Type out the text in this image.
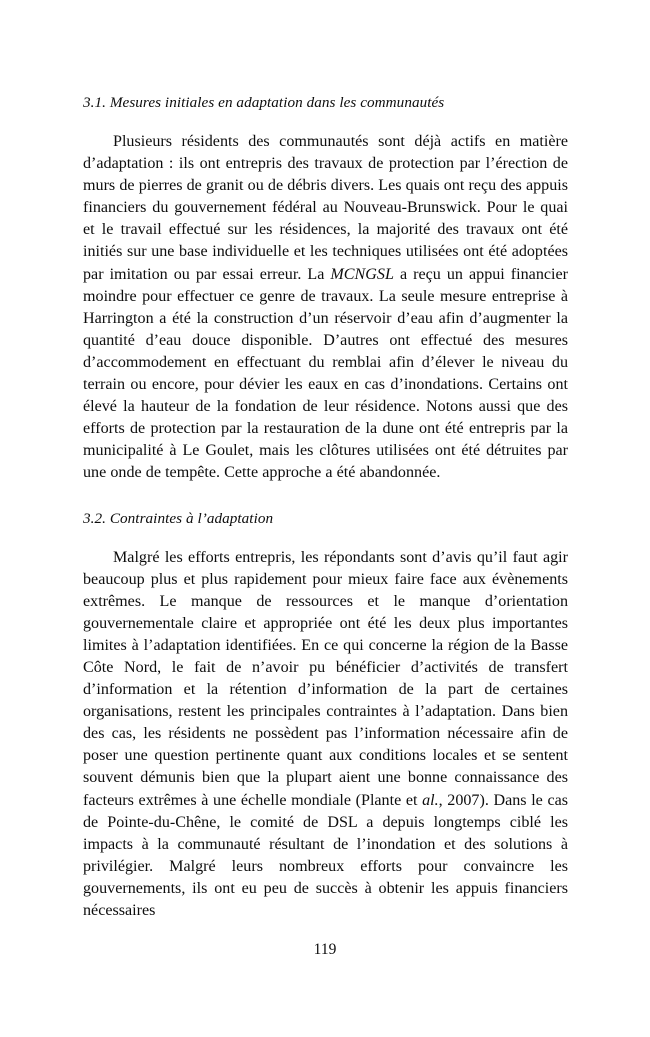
3.1. Mesures initiales en adaptation dans les communautés

Plusieurs résidents des communautés sont déjà actifs en matière d’adaptation : ils ont entrepris des travaux de protection par l’érection de murs de pierres de granit ou de débris divers. Les quais ont reçu des appuis financiers du gouvernement fédéral au Nouveau-Brunswick. Pour le quai et le travail effectué sur les résidences, la majorité des travaux ont été initiés sur une base individuelle et les techniques utilisées ont été adoptées par imitation ou par essai erreur. La MCNGSL a reçu un appui financier moindre pour effectuer ce genre de travaux. La seule mesure entreprise à Harrington a été la construction d’un réservoir d’eau afin d’augmenter la quantité d’eau douce disponible. D’autres ont effectué des mesures d’accommodement en effectuant du remblai afin d’élever le niveau du terrain ou encore, pour dévier les eaux en cas d’inondations. Certains ont élevé la hauteur de la fondation de leur résidence. Notons aussi que des efforts de protection par la restauration de la dune ont été entrepris par la municipalité à Le Goulet, mais les clôtures utilisées ont été détruites par une onde de tempête. Cette approche a été abandonnée.

3.2. Contraintes à l’adaptation

Malgré les efforts entrepris, les répondants sont d’avis qu’il faut agir beaucoup plus et plus rapidement pour mieux faire face aux évènements extrêmes. Le manque de ressources et le manque d’orientation gouvernementale claire et appropriée ont été les deux plus importantes limites à l’adaptation identifiées. En ce qui concerne la région de la Basse Côte Nord, le fait de n’avoir pu bénéficier d’activités de transfert d’information et la rétention d’information de la part de certaines organisations, restent les principales contraintes à l’adaptation. Dans bien des cas, les résidents ne possèdent pas l’information nécessaire afin de poser une question pertinente quant aux conditions locales et se sentent souvent démunis bien que la plupart aient une bonne connaissance des facteurs extrêmes à une échelle mondiale (Plante et al., 2007). Dans le cas de Pointe-du-Chêne, le comité de DSL a depuis longtemps ciblé les impacts à la communauté résultant de l’inondation et des solutions à privilégier. Malgré leurs nombreux efforts pour convaincre les gouvernements, ils ont eu peu de succès à obtenir les appuis financiers nécessaires

119
